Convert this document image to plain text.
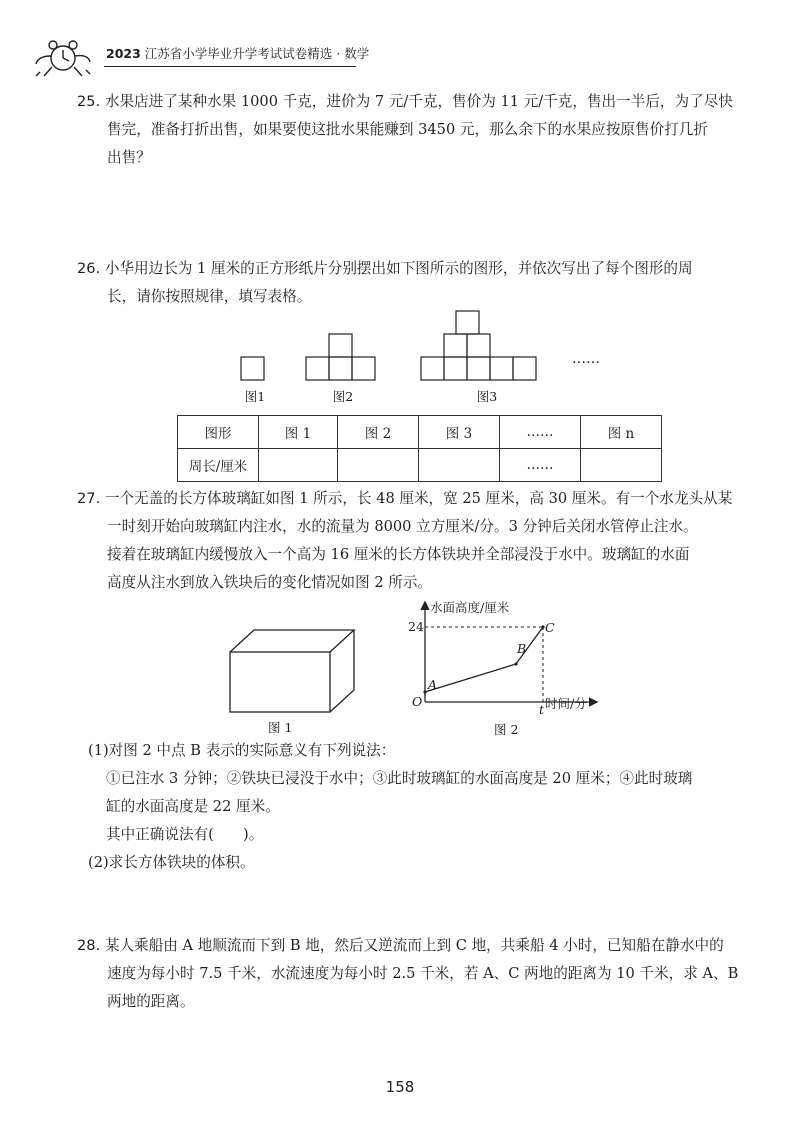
2023 江苏省小学毕业升学考试试卷精选 · 数学

25. 水果店进了某种水果 1000 千克，进价为 7 元/千克，售价为 11 元/千克，售出一半后，为了尽快

售完，准备打折出售，如果要使这批水果能赚到 3450 元，那么余下的水果应按原售价打几折

出售？

26. 小华用边长为 1 厘米的正方形纸片分别摆出如下图所示的图形，并依次写出了每个图形的周

长，请你按照规律，填写表格。

……
图1	图2	图3
图形	图 1	图 2	图 3	……	图 n
周长/厘米				……	

27. 一个无盖的长方体玻璃缸如图 1 所示，长 48 厘米，宽 25 厘米，高 30 厘米。有一个水龙头从某

一时刻开始向玻璃缸内注水，水的流量为 8000 立方厘米/分。3 分钟后关闭水管停止注水。

接着在玻璃缸内缓慢放入一个高为 16 厘米的长方体铁块并全部浸没于水中。玻璃缸的水面

高度从注水到放入铁块后的变化情况如图 2 所示。

图 1
水面高度/厘米
时间/分
24
t
O
A
B
C
图 2

(1)对图 2 中点 B 表示的实际意义有下列说法：

①已注水 3 分钟；②铁块已浸没于水中；③此时玻璃缸的水面高度是 20 厘米；④此时玻璃

缸的水面高度是 22 厘米。

其中正确说法有(　　)。

(2)求长方体铁块的体积。

28. 某人乘船由 A 地顺流而下到 B 地，然后又逆流而上到 C 地，共乘船 4 小时，已知船在静水中的

速度为每小时 7.5 千米，水流速度为每小时 2.5 千米，若 A、C 两地的距离为 10 千米，求 A、B

两地的距离。

158
